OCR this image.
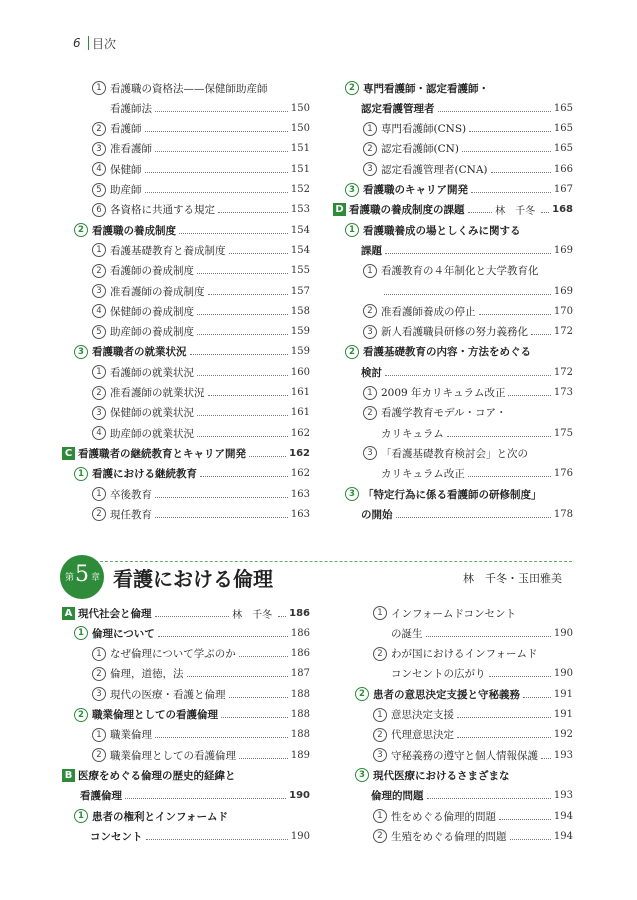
6 目次
1 看護職の資格法——保健師助産師
看護師法	150
2 看護師	150
3 准看護師	151
4 保健師	151
5 助産師	152
6 各資格に共通する規定	153
2 看護職の養成制度	154
1 看護基礎教育と養成制度	154
2 看護師の養成制度	155
3 准看護師の養成制度	157
4 保健師の養成制度	158
5 助産師の養成制度	159
3 看護職者の就業状況	159
1 看護師の就業状況	160
2 准看護師の就業状況	161
3 保健師の就業状況	161
4 助産師の就業状況	162
C 看護職者の継続教育とキャリア開発	162
1 看護における継続教育	162
1 卒後教育	163
2 現任教育	163
2 専門看護師・認定看護師・
認定看護管理者	165
1 専門看護師(CNS)	165
2 認定看護師(CN)	165
3 認定看護管理者(CNA)	166
3 看護職のキャリア開発	167
D 看護職の養成制度の課題	林　千冬 168
1 看護職養成の場としくみに関する
課題	169
1 看護教育の４年制化と大学教育化
169
2 准看護師養成の停止	170
3 新人看護職員研修の努力義務化	172
2 看護基礎教育の内容・方法をめぐる
検討	172
1 2009 年カリキュラム改正	173
2 看護学教育モデル・コア・
カリキュラム	175
3 「看護基礎教育検討会」と次の
カリキュラム改正	176
3 「特定行為に係る看護師の研修制度」
の開始	178
第 5 章 看護における倫理	林　千冬・玉田雅美
A 現代社会と倫理	林　千冬 186
1 倫理について	186
1 なぜ倫理について学ぶのか	186
2 倫理，道徳，法	187
3 現代の医療・看護と倫理	188
2 職業倫理としての看護倫理	188
1 職業倫理	188
2 職業倫理としての看護倫理	189
B 医療をめぐる倫理の歴史的経緯と
看護倫理	190
1 患者の権利とインフォームド
コンセント	190
1 インフォームドコンセント
の誕生	190
2 わが国におけるインフォームド
コンセントの広がり	190
2 患者の意思決定支援と守秘義務	191
1 意思決定支援	191
2 代理意思決定	192
3 守秘義務の遵守と個人情報保護 193
3 現代医療におけるさまざまな
倫理的問題	193
1 性をめぐる倫理的問題	194
2 生殖をめぐる倫理的問題	194
